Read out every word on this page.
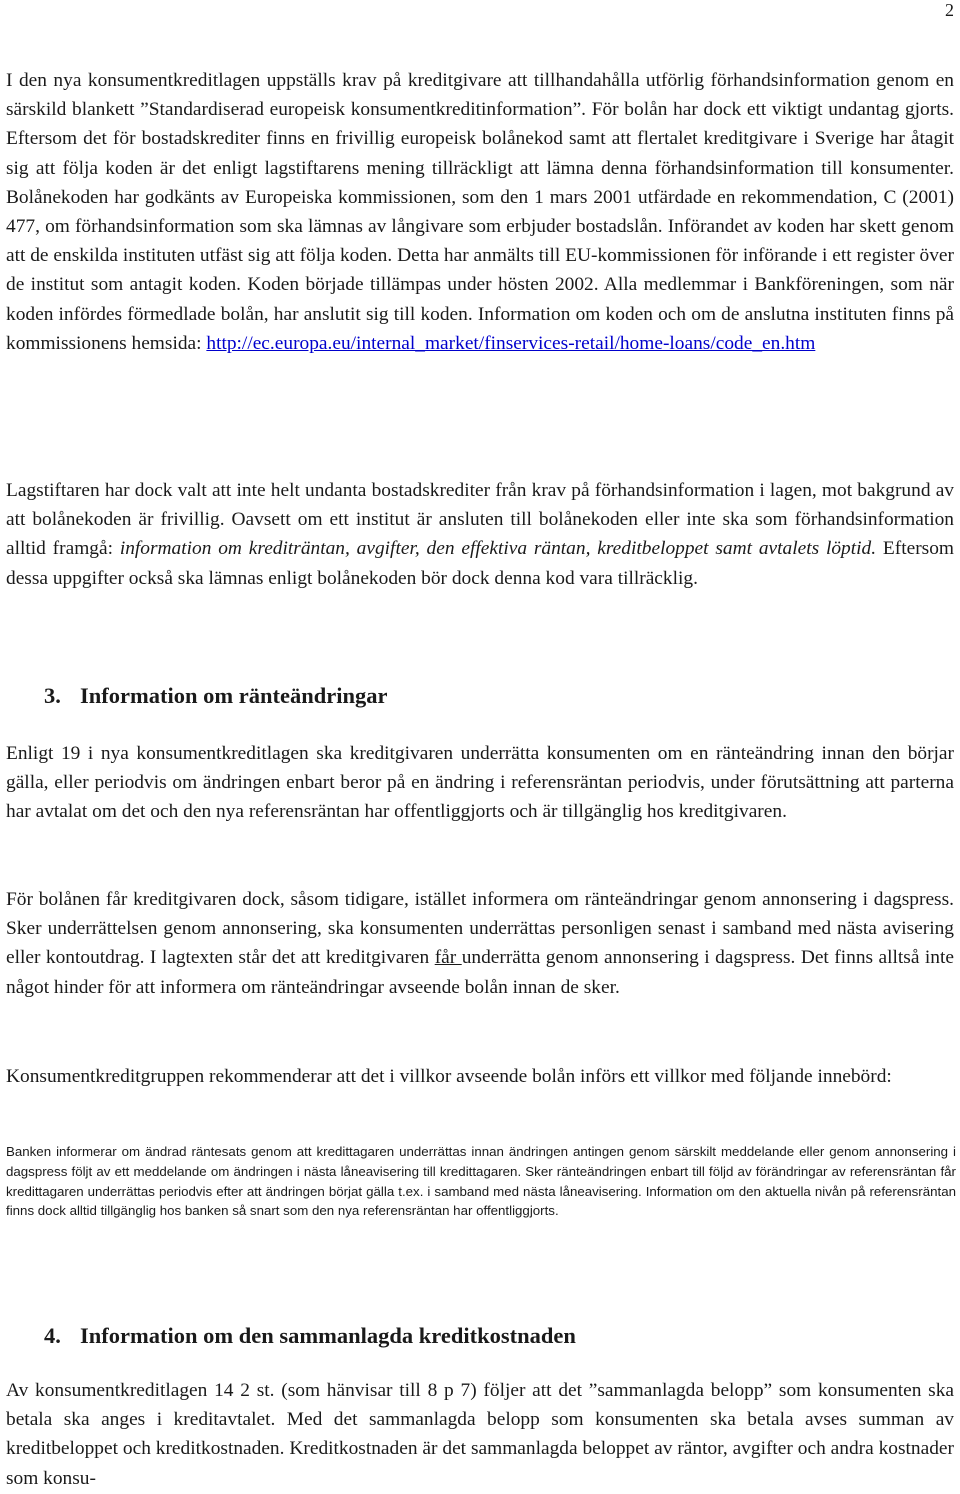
2

I den nya konsumentkreditlagen uppställs krav på kreditgivare att tillhandahålla utförlig förhandsinformation genom en särskild blankett ”Standardiserad europeisk konsumentkreditinformation”. För bolån har dock ett viktigt undantag gjorts. Eftersom det för bostadskrediter finns en frivillig europeisk bolånekod samt att flertalet kreditgivare i Sverige har åtagit sig att följa koden är det enligt lagstiftarens mening tillräckligt att lämna denna förhandsinformation till konsumenter. Bolånekoden har godkänts av Europeiska kommissionen, som den 1 mars 2001 utfärdade en rekommendation, C (2001) 477, om förhandsinformation som ska lämnas av långivare som erbjuder bostadslån. Införandet av koden har skett genom att de enskilda instituten utfäst sig att följa koden. Detta har anmälts till EU-kommissionen för införande i ett register över de institut som antagit koden. Koden började tillämpas under hösten 2002. Alla medlemmar i Bankföreningen, som när koden infördes förmedlade bolån, har anslutit sig till koden. Information om koden och om de anslutna instituten finns på kommissionens hemsida: http://ec.europa.eu/internal_market/finservices-retail/home-loans/code_en.htm

Lagstiftaren har dock valt att inte helt undanta bostadskrediter från krav på förhandsinformation i lagen, mot bakgrund av att bolånekoden är frivillig. Oavsett om ett institut är ansluten till bolånekoden eller inte ska som förhandsinformation alltid framgå: information om krediträntan, avgifter, den effektiva räntan, kreditbeloppet samt avtalets löptid. Eftersom dessa uppgifter också ska lämnas enligt bolånekoden bör dock denna kod vara tillräcklig.

3. Information om ränteändringar

Enligt 19 i nya konsumentkreditlagen ska kreditgivaren underrätta konsumenten om en ränteändring innan den börjar gälla, eller periodvis om ändringen enbart beror på en ändring i referensräntan periodvis, under förutsättning att parterna har avtalat om det och den nya referensräntan har offentliggjorts och är tillgänglig hos kreditgivaren.

För bolånen får kreditgivaren dock, såsom tidigare, istället informera om ränteändringar genom annonsering i dagspress. Sker underrättelsen genom annonsering, ska konsumenten underrättas personligen senast i samband med nästa avisering eller kontoutdrag. I lagtexten står det att kreditgivaren får underrätta genom annonsering i dagspress. Det finns alltså inte något hinder för att informera om ränteändringar avseende bolån innan de sker.

Konsumentkreditgruppen rekommenderar att det i villkor avseende bolån införs ett villkor med följande innebörd:

Banken informerar om ändrad räntesats genom att kredittagaren underrättas innan ändringen antingen genom särskilt meddelande eller genom annonsering i dagspress följt av ett meddelande om ändringen i nästa låneavisering till kredittagaren. Sker ränteändringen enbart till följd av förändringar av referensräntan får kredittagaren underrättas periodvis efter att ändringen börjat gälla t.ex. i samband med nästa låneavisering. Information om den aktuella nivån på referensräntan finns dock alltid tillgänglig hos banken så snart som den nya referensräntan har offentliggjorts.

4. Information om den sammanlagda kreditkostnaden

Av konsumentkreditlagen 14 2 st. (som hänvisar till 8 p 7) följer att det ”sammanlagda belopp” som konsumenten ska betala ska anges i kreditavtalet. Med det sammanlagda belopp som konsumenten ska betala avses summan av kreditbeloppet och kreditkostnaden. Kreditkostnaden är det sammanlagda beloppet av räntor, avgifter och andra kostnader som konsu-
